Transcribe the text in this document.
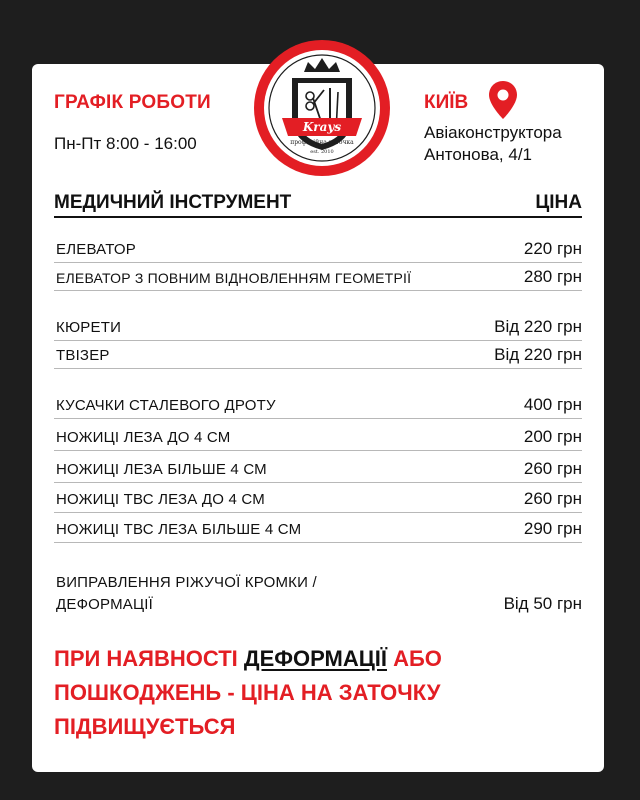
ГРАФІК РОБОТИ
Пн-Пт 8:00 - 16:00
Krays
професійна заточка
est. 2010
КИЇВ
Авіаконструктора
Антонова, 4/1
МЕДИЧНИЙ ІНСТРУМЕНТ	ЦІНА
ЕЛЕВАТОР	220 грн
ЕЛЕВАТОР З ПОВНИМ ВІДНОВЛЕННЯМ ГЕОМЕТРІЇ	280 грн
КЮРЕТИ	Від 220 грн
ТВІЗЕР	Від 220 грн
КУСАЧКИ СТАЛЕВОГО ДРОТУ	400 грн
НОЖИЦІ ЛЕЗА ДО 4 СМ	200 грн
НОЖИЦІ ЛЕЗА БІЛЬШЕ 4 СМ	260 грн
НОЖИЦІ ТВС ЛЕЗА ДО 4 СМ	260 грн
НОЖИЦІ ТВС ЛЕЗА БІЛЬШЕ 4 СМ	290 грн
ВИПРАВЛЕННЯ РІЖУЧОЇ КРОМКИ /
ДЕФОРМАЦІЇ	Від 50 грн
ПРИ НАЯВНОСТІ ДЕФОРМАЦІЇ АБО ПОШКОДЖЕНЬ - ЦІНА НА ЗАТОЧКУ ПІДВИЩУЄТЬСЯ
